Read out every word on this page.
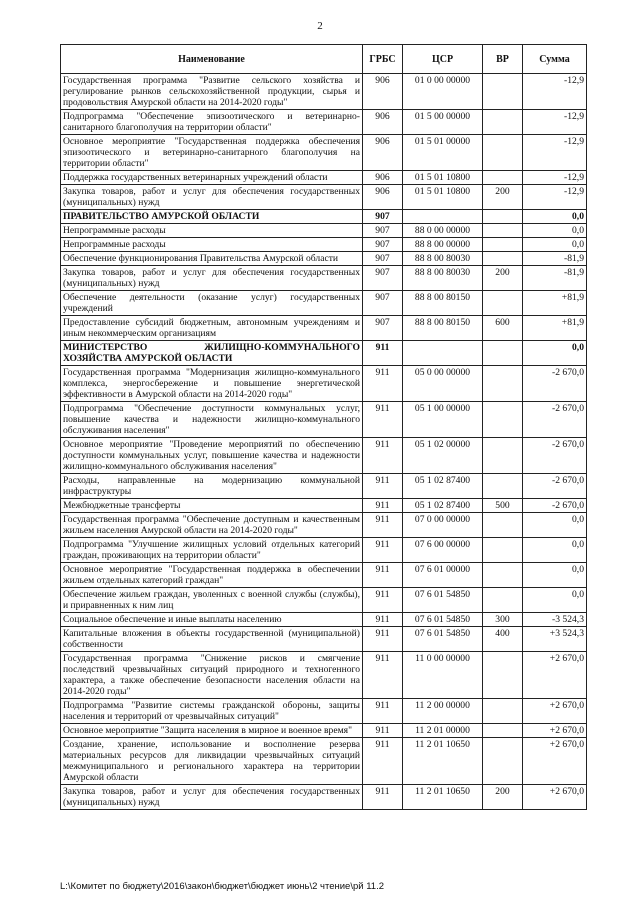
2
Наименование	ГРБС	ЦСР	ВР	Сумма
Государственная программа "Развитие сельского хозяйства и регулирование рынков сельскохозяйственной продукции, сырья и продовольствия Амурской области на 2014-2020 годы"	906	01 0 00 00000		-12,9
Подпрограмма "Обеспечение эпизоотического и ветеринарно-санитарного благополучия на территории области"	906	01 5 00 00000		-12,9
Основное мероприятие "Государственная поддержка обеспечения эпизоотического и ветеринарно-санитарного благополучия на территории области"	906	01 5 01 00000		-12,9
Поддержка государственных ветеринарных учреждений области	906	01 5 01 10800		-12,9
Закупка товаров, работ и услуг для обеспечения государственных (муниципальных) нужд	906	01 5 01 10800	200	-12,9
ПРАВИТЕЛЬСТВО АМУРСКОЙ ОБЛАСТИ	907			0,0
Непрограммные расходы	907	88 0 00 00000		0,0
Непрограммные расходы	907	88 8 00 00000		0,0
Обеспечение функционирования Правительства Амурской области	907	88 8 00 80030		-81,9
Закупка товаров, работ и услуг для обеспечения государственных (муниципальных) нужд	907	88 8 00 80030	200	-81,9
Обеспечение деятельности (оказание услуг) государственных учреждений	907	88 8 00 80150		+81,9
Предоставление субсидий бюджетным, автономным учреждениям и иным некоммерческим организациям	907	88 8 00 80150	600	+81,9
МИНИСТЕРСТВО ЖИЛИЩНО-КОММУНАЛЬНОГО ХОЗЯЙСТВА АМУРСКОЙ ОБЛАСТИ	911			0,0
Государственная программа "Модернизация жилищно-коммунального комплекса, энергосбережение и повышение энергетической эффективности в Амурской области на 2014-2020 годы"	911	05 0 00 00000		-2 670,0
Подпрограмма "Обеспечение доступности коммунальных услуг, повышение качества и надежности жилищно-коммунального обслуживания населения"	911	05 1 00 00000		-2 670,0
Основное мероприятие "Проведение мероприятий по обеспечению доступности коммунальных услуг, повышение качества и надежности жилищно-коммунального обслуживания населения"	911	05 1 02 00000		-2 670,0
Расходы, направленные на модернизацию коммунальной инфраструктуры	911	05 1 02 87400		-2 670,0
Межбюджетные трансферты	911	05 1 02 87400	500	-2 670,0
Государственная программа "Обеспечение доступным и качественным жильем населения Амурской области на 2014-2020 годы"	911	07 0 00 00000		0,0
Подпрограмма "Улучшение жилищных условий отдельных категорий граждан, проживающих на территории области"	911	07 6 00 00000		0,0
Основное мероприятие "Государственная поддержка в обеспечении жильем отдельных категорий граждан"	911	07 6 01 00000		0,0
Обеспечение жильем граждан, уволенных с военной службы (службы), и приравненных к ним лиц	911	07 6 01 54850		0,0
Социальное обеспечение и иные выплаты населению	911	07 6 01 54850	300	-3 524,3
Капитальные вложения в объекты государственной (муниципальной) собственности	911	07 6 01 54850	400	+3 524,3
Государственная программа "Снижение рисков и смягчение последствий чрезвычайных ситуаций природного и техногенного характера, а также обеспечение безопасности населения области на 2014-2020 годы"	911	11 0 00 00000		+2 670,0
Подпрограмма "Развитие системы гражданской обороны, защиты населения и территорий от чрезвычайных ситуаций"	911	11 2 00 00000		+2 670,0
Основное мероприятие "Защита населения в мирное и военное время"	911	11 2 01 00000		+2 670,0
Создание, хранение, использование и восполнение резерва материальных ресурсов для ликвидации чрезвычайных ситуаций межмуниципального и регионального характера на территории Амурской области	911	11 2 01 10650		+2 670,0
Закупка товаров, работ и услуг для обеспечения государственных (муниципальных) нужд	911	11 2 01 10650	200	+2 670,0
L:\Комитет по бюджету\2016\закон\бюджет\бюджет июнь\2 чтение\рй 11.2
